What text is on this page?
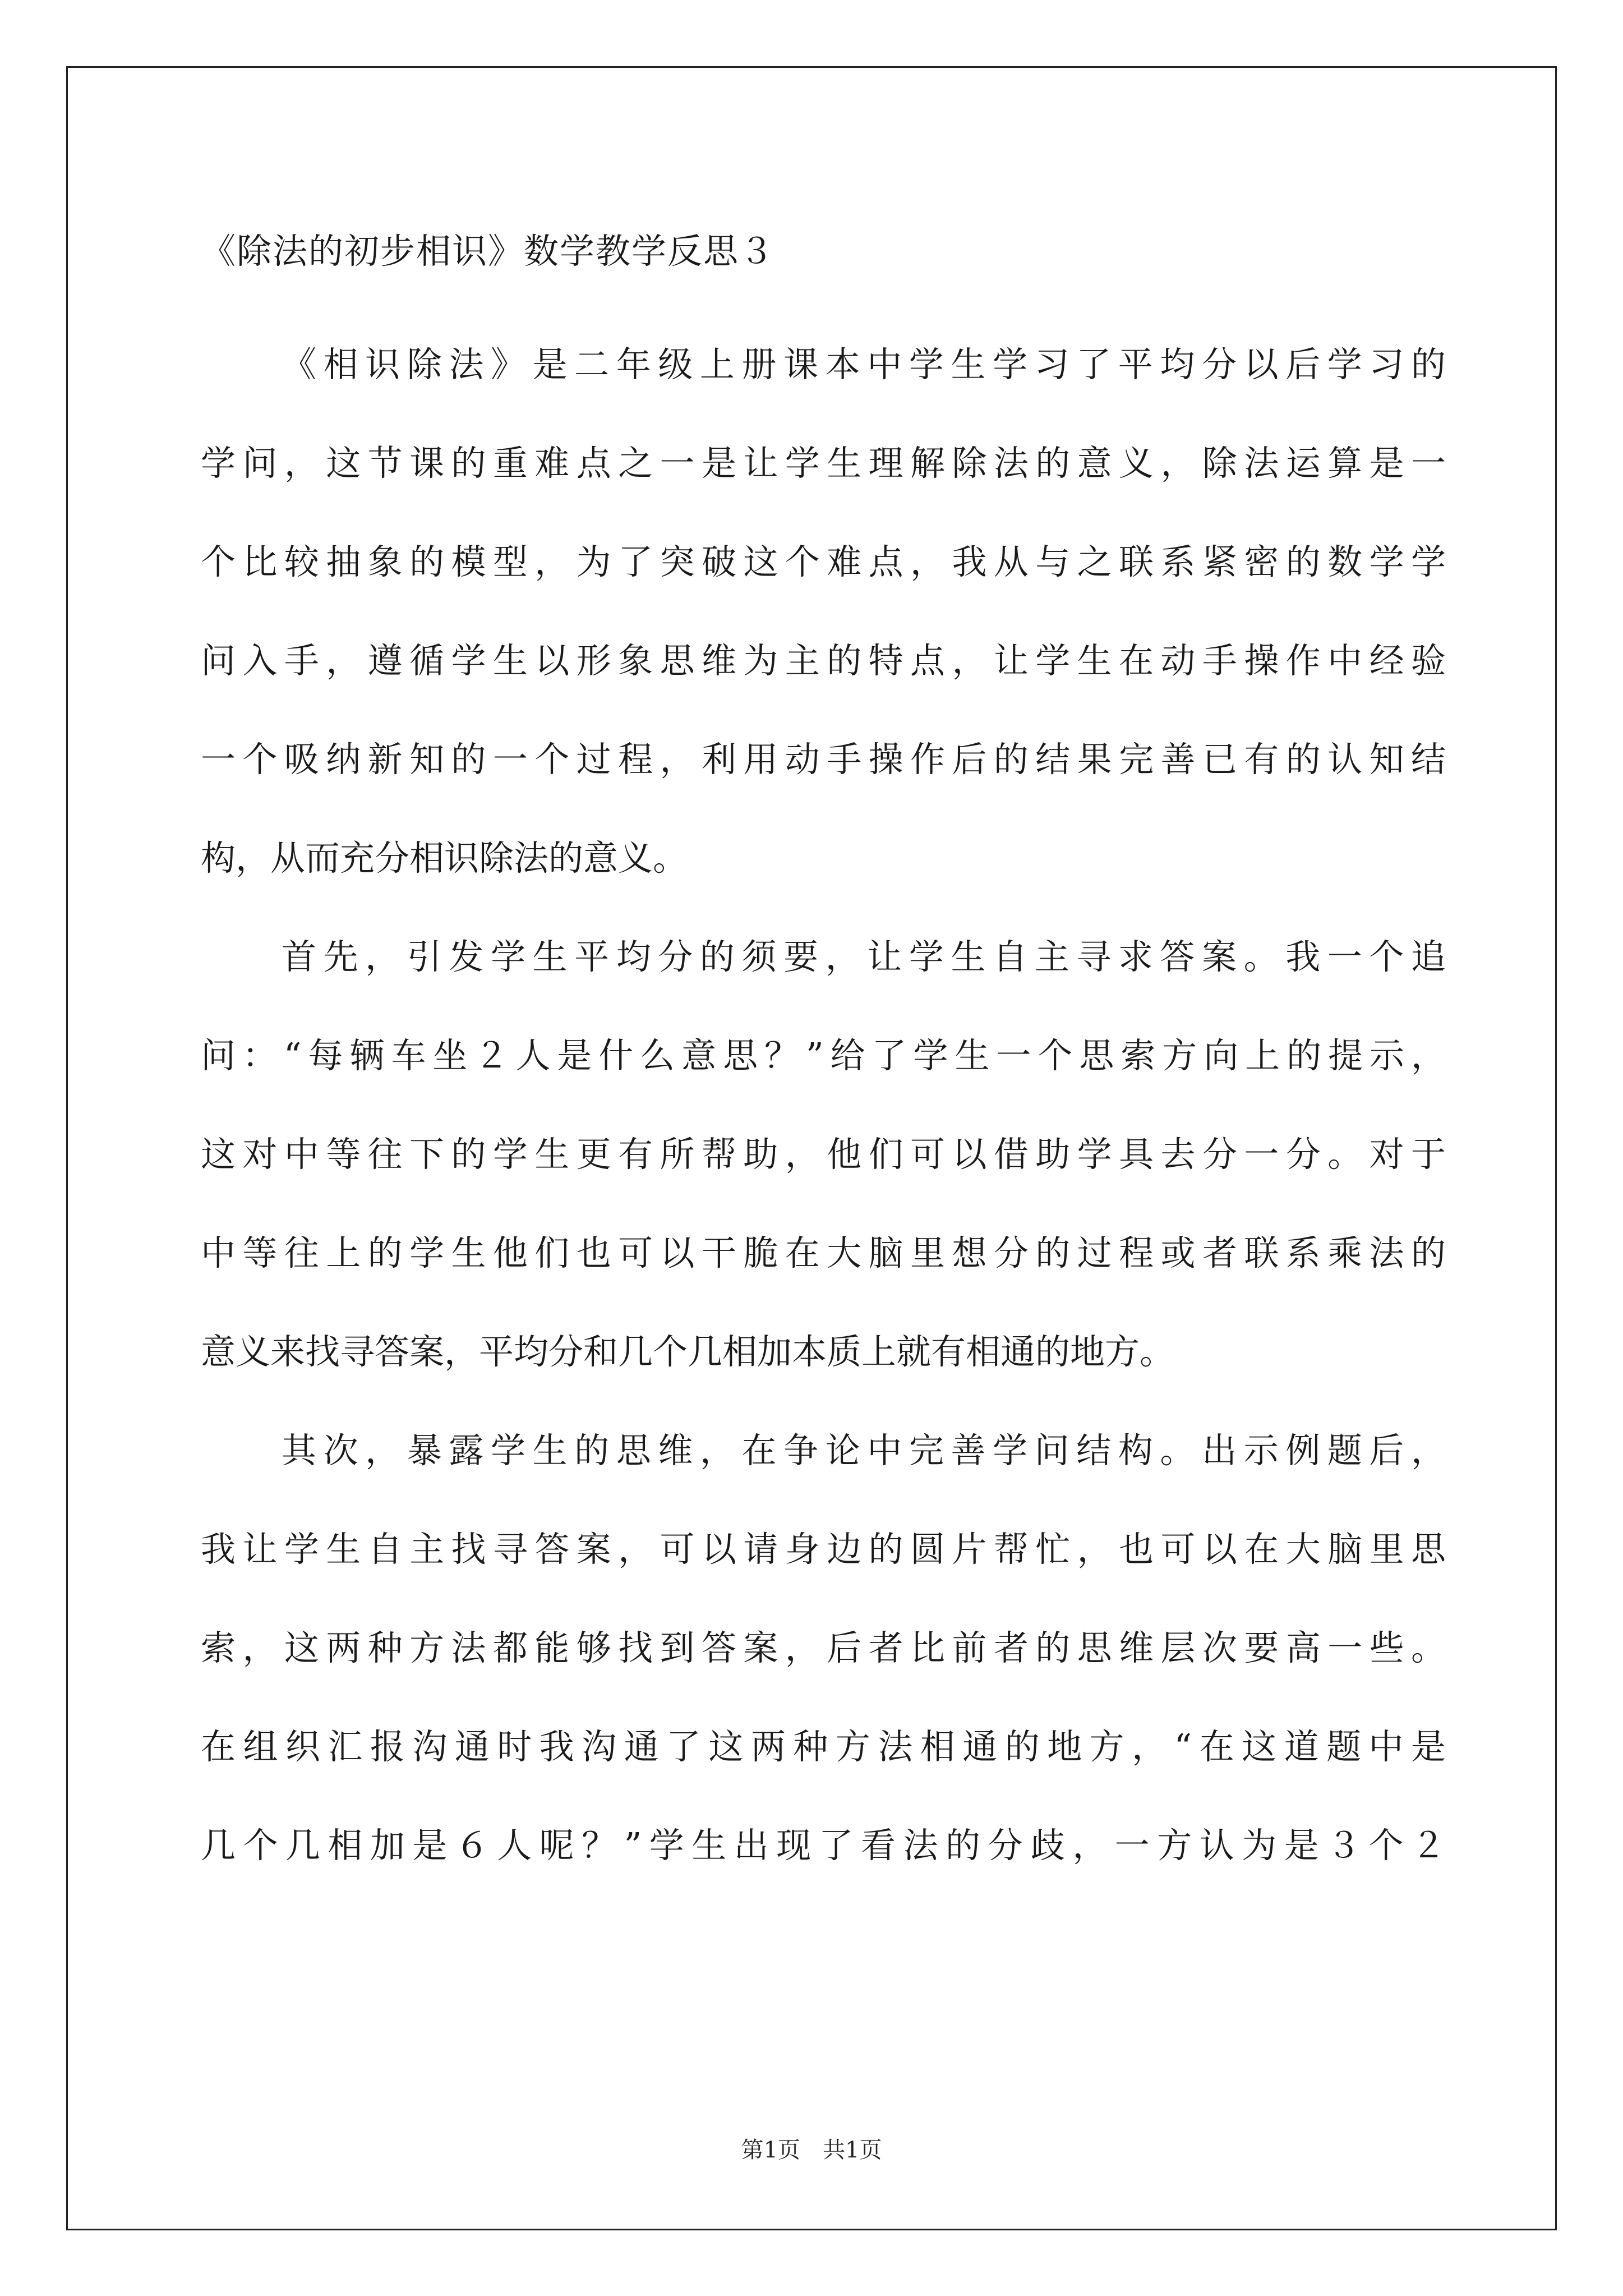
《除法的初步相识》数学教学反思３
《相识除法》是二年级上册课本中学生学习了平均分以后学习的
学问，这节课的重难点之一是让学生理解除法的意义，除法运算是一
个比较抽象的模型，为了突破这个难点，我从与之联系紧密的数学学
问入手，遵循学生以形象思维为主的特点，让学生在动手操作中经验
一个吸纳新知的一个过程，利用动手操作后的结果完善已有的认知结
构，从而充分相识除法的意义。
首先，引发学生平均分的须要，让学生自主寻求答案。我一个追
问：“每辆车坐２人是什么意思？”给了学生一个思索方向上的提示，
这对中等往下的学生更有所帮助，他们可以借助学具去分一分。对于
中等往上的学生他们也可以干脆在大脑里想分的过程或者联系乘法的
意义来找寻答案，平均分和几个几相加本质上就有相通的地方。
其次，暴露学生的思维，在争论中完善学问结构。出示例题后，
我让学生自主找寻答案，可以请身边的圆片帮忙，也可以在大脑里思
索，这两种方法都能够找到答案，后者比前者的思维层次要高一些。
在组织汇报沟通时我沟通了这两种方法相通的地方，“在这道题中是
几个几相加是６人呢？”学生出现了看法的分歧，一方认为是３个２
第1页　共1页
